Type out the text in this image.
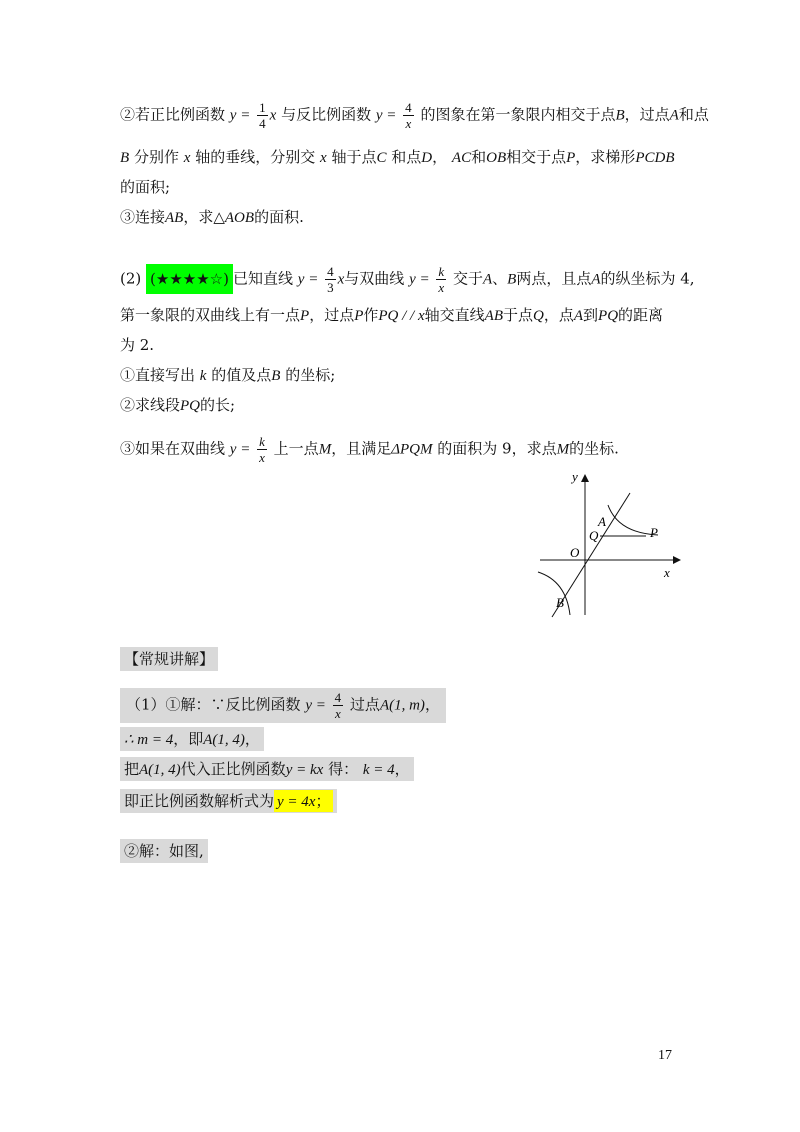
②若正比例函数 $y = \frac{1}{4}$ x 与反比例函数 $y = \frac{4}{x}$ 的图象在第一象限内相交于点B，过点A和点
B 分别作 x 轴的垂线，分别交 x 轴于点C 和点D， AC和OB相交于点P，求梯形PCDB
的面积;
③连接AB，求△AOB的面积.
(2) (★★★★☆) 已知直线 $y = \frac{4}{3}$ x与双曲线 $y = \frac{k}{x}$ 交于A、B两点，且点A的纵坐标为 4,
第一象限的双曲线上有一点P，过点P作PQ / / x轴交直线AB于点Q，点A到PQ的距离
为 2.
①直接写出 k 的值及点B 的坐标;
②求线段PQ的长;
③如果在双曲线 $y = \frac{k}{x}$ 上一点M，且满足ΔPQM 的面积为 9，求点M的坐标.
y
x
O
A
Q	P
B
【常规讲解】
（1）①解：∵反比例函数 $y = \frac{4}{x}$ 过点A(1, m)，
∴ m = 4，即A(1, 4)，
把A(1, 4)代入正比例函数y = kx 得： k = 4，
即正比例函数解析式为 y = 4x；
②解：如图,
17
